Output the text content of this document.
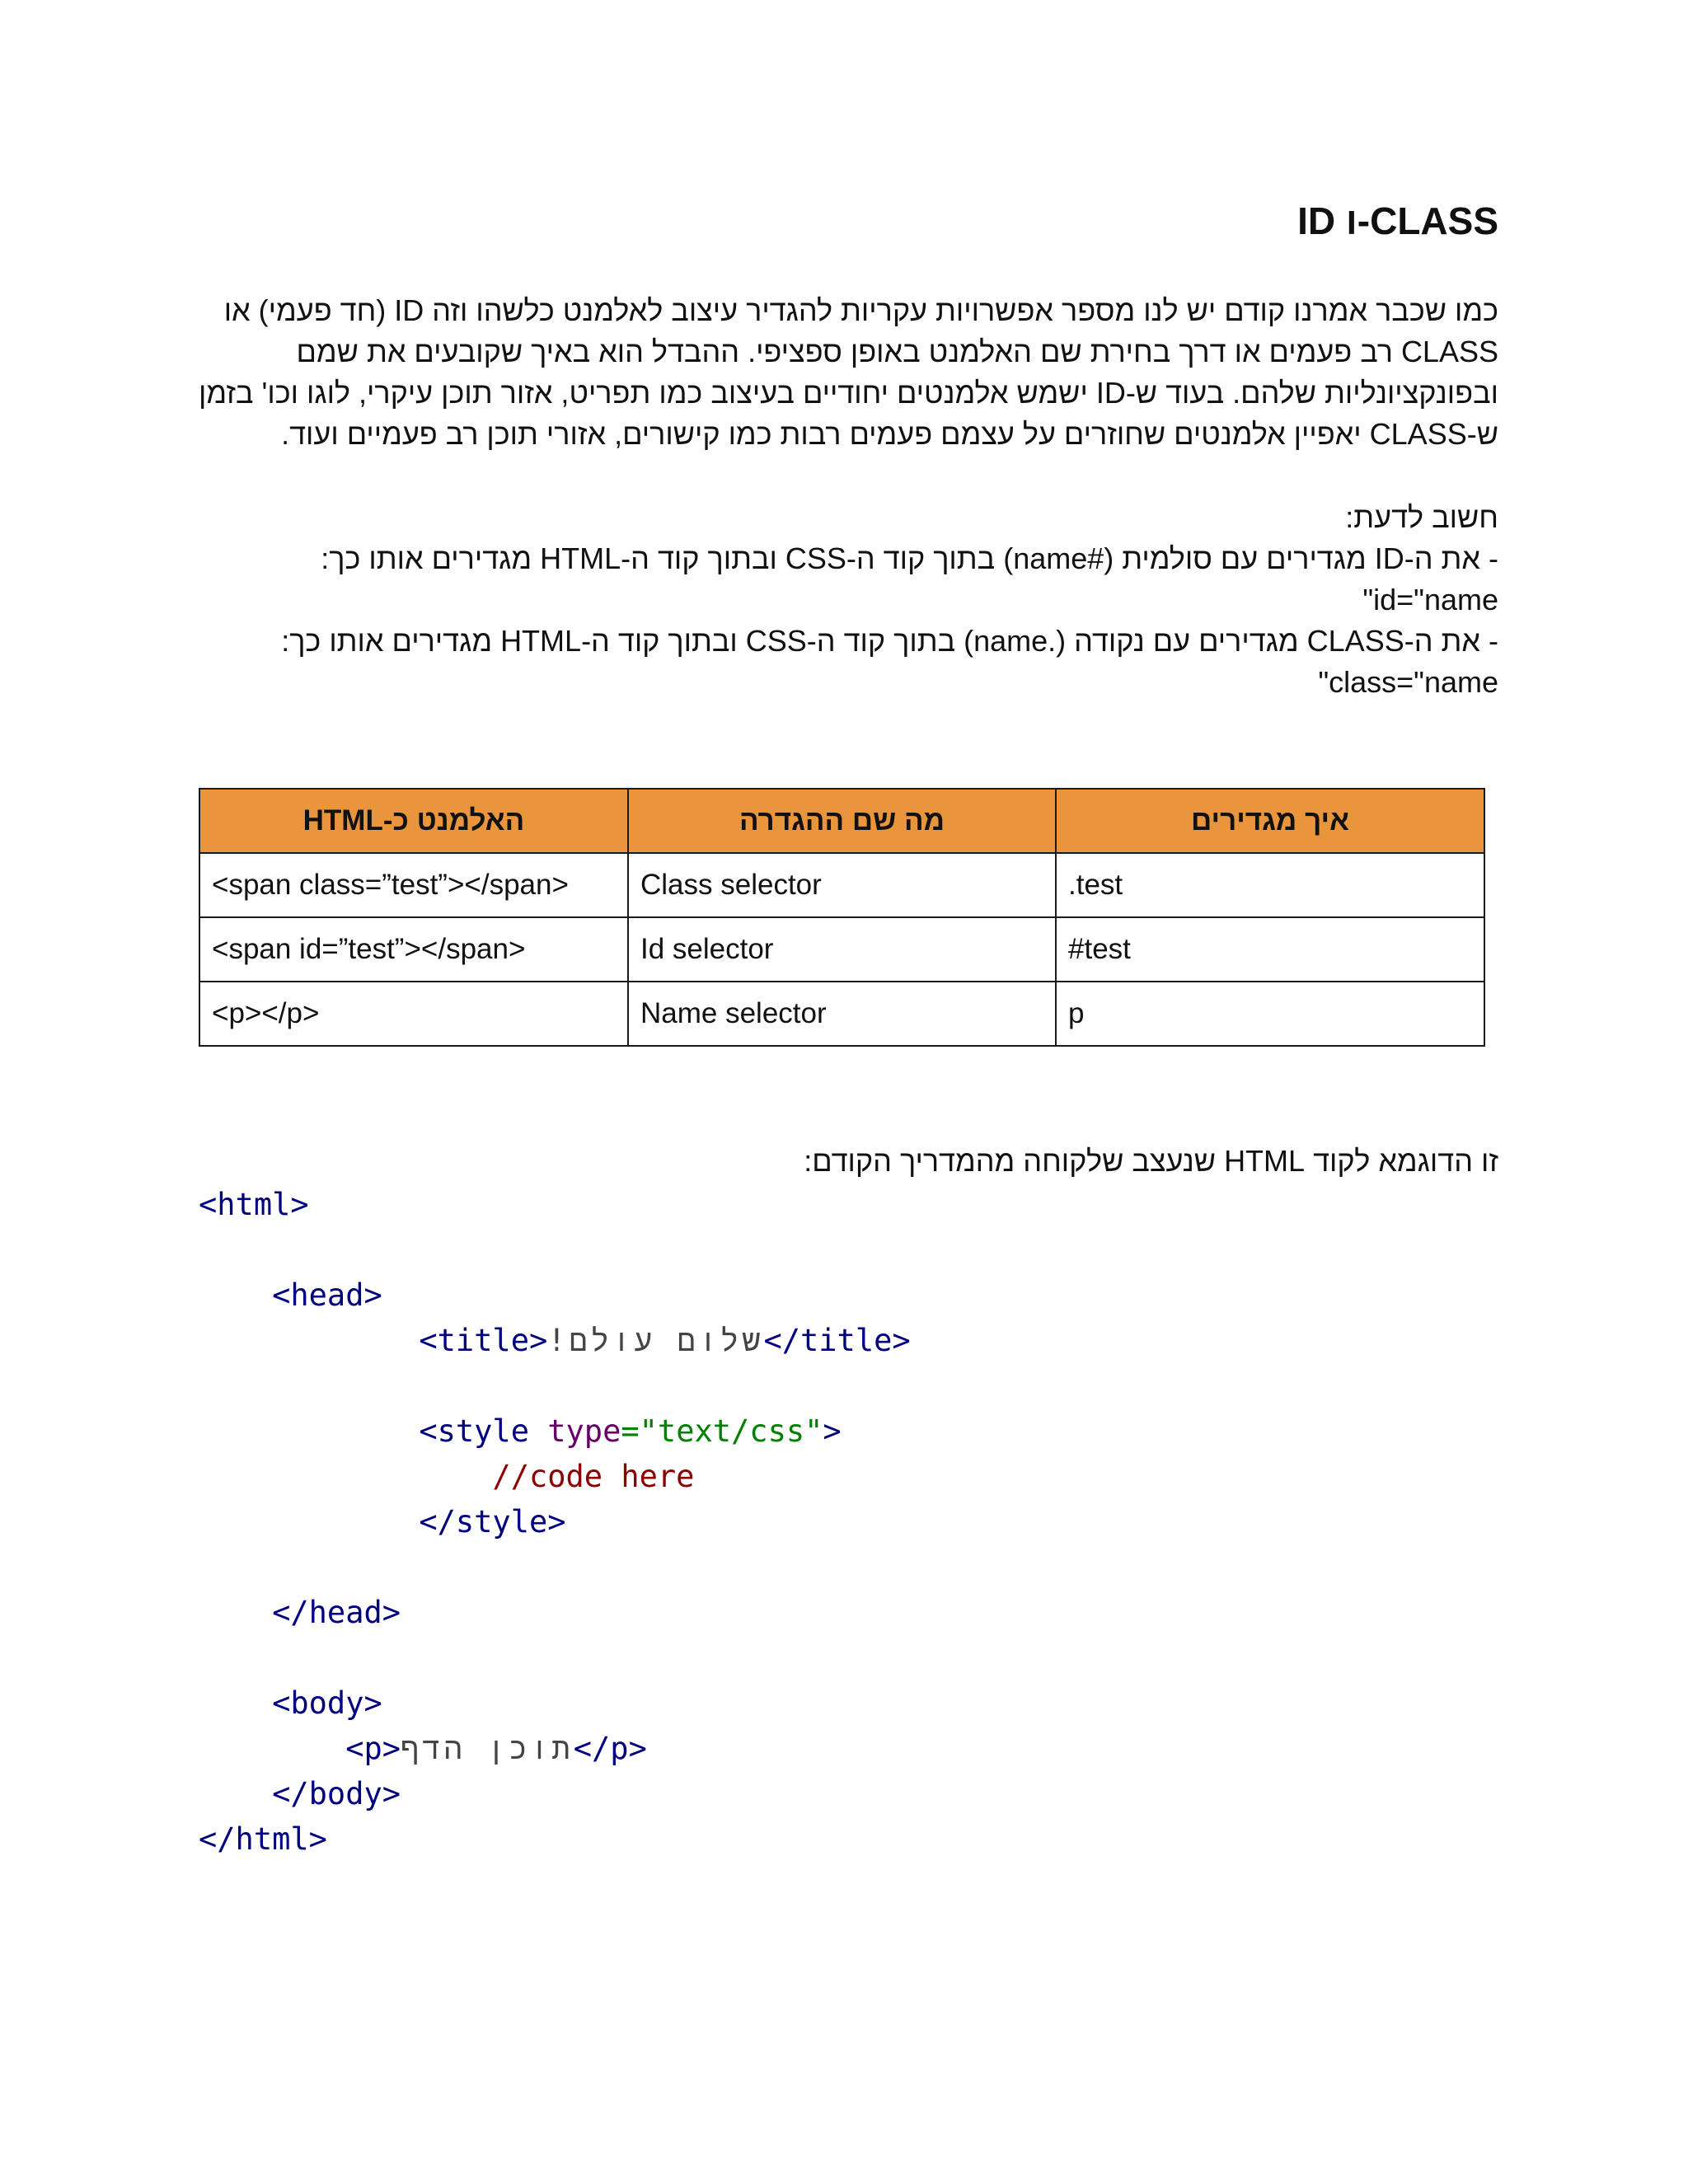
CLASS-ו ID

כמו שכבר אמרנו קודם יש לנו מספר אפשרויות עקריות להגדיר עיצוב לאלמנט כלשהו וזה ID (חד פעמי) או

CLASS רב פעמים או דרך בחירת שם האלמנט באופן ספציפי. ההבדל הוא באיך שקובעים את שמם

ובפונקציונליות שלהם. בעוד ש-ID ישמש אלמנטים יחודיים בעיצוב כמו תפריט, אזור תוכן עיקרי, לוגו וכו' בזמן

ש-CLASS יאפיין אלמנטים שחוזרים על עצמם פעמים רבות כמו קישורים, אזורי תוכן רב פעמיים ועוד.

חשוב לדעת:

- את ה-ID מגדירים עם סולמית (#name) בתוך קוד ה-CSS ובתוך קוד ה-HTML מגדירים אותו כך:

id="name"

- את ה-CLASS מגדירים עם נקודה (.name) בתוך קוד ה-CSS ובתוך קוד ה-HTML מגדירים אותו כך:

class="name"

איך מגדירים	מה שם ההגדרה	האלמנט כ-HTML
.test	Class selector	<span class=”test”></span>
#test	Id selector	<span id=”test”></span>
p	Name selector	<p></p>
זו הדוגמא לקוד HTML שנעצב שלקוחה מהמדריך הקודם:
<html>
<head>
<title>שלום עולם!</title>
<style type="text/css">
//code here
</style>
</head>
<body>
<p>תוכן הדף</p>
</body>
</html>
